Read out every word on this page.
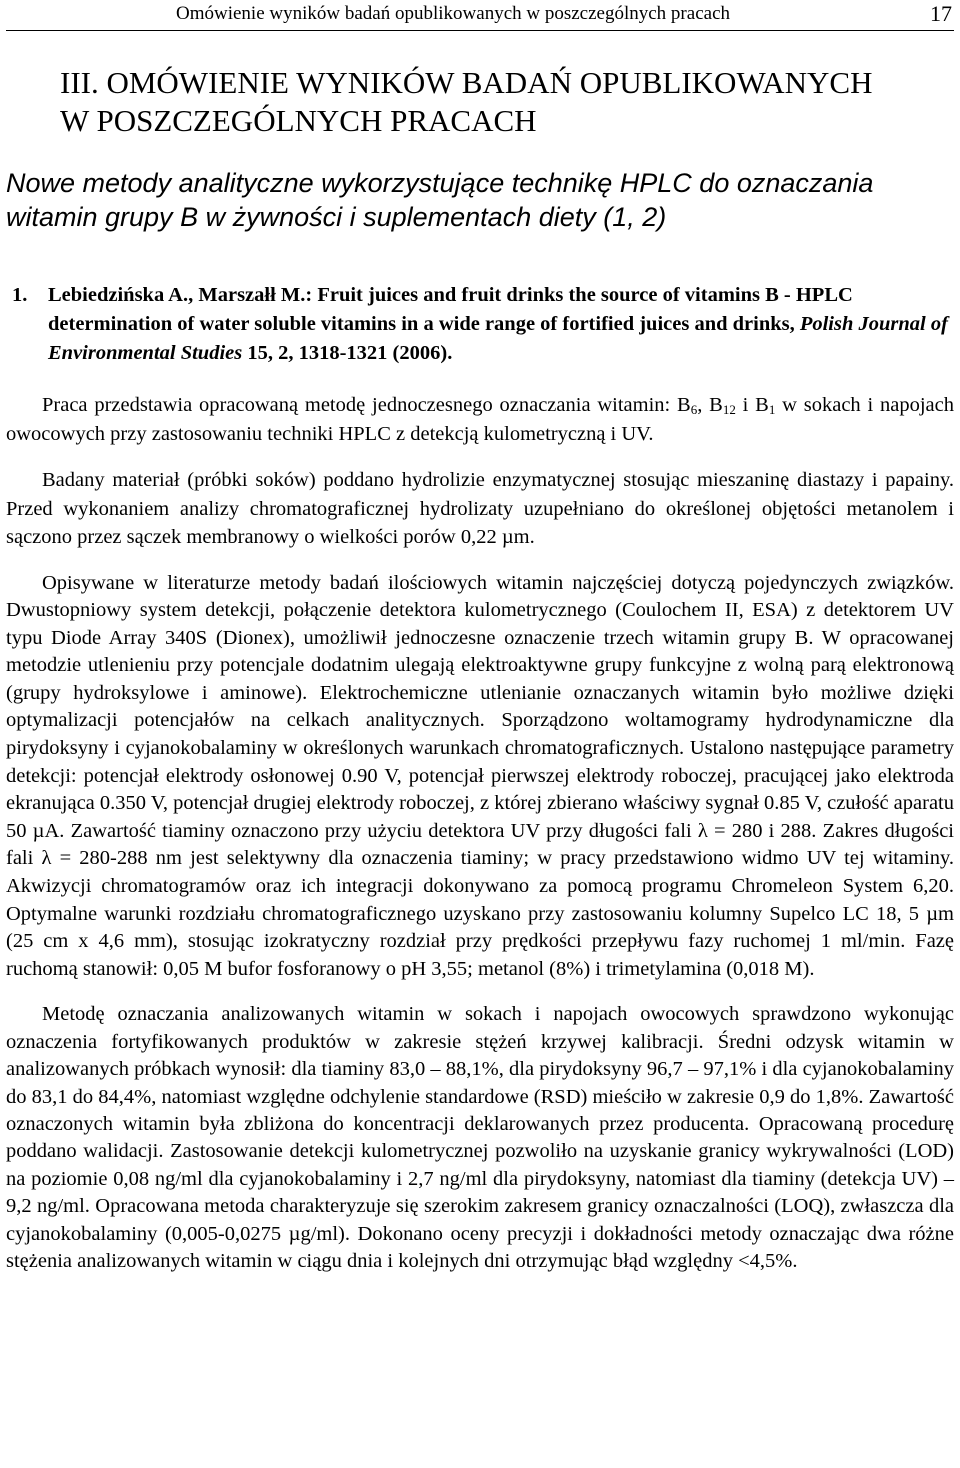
Omówienie wyników badań opublikowanych w poszczególnych pracach	17
III. OMÓWIENIE WYNIKÓW BADAŃ OPUBLIKOWANYCH
W POSZCZEGÓLNYCH PRACACH
Nowe metody analityczne wykorzystujące technikę HPLC do oznaczania witamin grupy B w żywności i suplementach diety (1, 2)
1. Lebiedzińska A., Marszałł M.: Fruit juices and fruit drinks the source of vitamins B - HPLC determination of water soluble vitamins in a wide range of fortified juices and drinks, Polish Journal of Environmental Studies 15, 2, 1318-1321 (2006).

Praca przedstawia opracowaną metodę jednoczesnego oznaczania witamin: $B_6$, $B_{12}$ i $B_1$ w sokach i napojach owocowych przy zastosowaniu techniki HPLC z detekcją kulometryczną i UV.

Badany materiał (próbki soków) poddano hydrolizie enzymatycznej stosując mieszaninę diastazy i papainy. Przed wykonaniem analizy chromatograficznej hydrolizaty uzupełniano do określonej objętości metanolem i sączono przez sączek membranowy o wielkości porów 0,22 µm.

Opisywane w literaturze metody badań ilościowych witamin najczęściej dotyczą pojedynczych związków. Dwustopniowy system detekcji, połączenie detektora kulometrycznego (Coulochem II, ESA) z detektorem UV typu Diode Array 340S (Dionex), umożliwił jednoczesne oznaczenie trzech witamin grupy B. W opracowanej metodzie utlenieniu przy potencjale dodatnim ulegają elektroaktywne grupy funkcyjne z wolną parą elektronową (grupy hydroksylowe i aminowe). Elektrochemiczne utlenianie oznaczanych witamin było możliwe dzięki optymalizacji potencjałów na celkach analitycznych. Sporządzono woltamogramy hydrodynamiczne dla pirydoksyny i cyjanokobalaminy w określonych warunkach chromatograficznych. Ustalono następujące parametry detekcji: potencjał elektrody osłonowej 0.90 V, potencjał pierwszej elektrody roboczej, pracującej jako elektroda ekranująca 0.350 V, potencjał drugiej elektrody roboczej, z której zbierano właściwy sygnał 0.85 V, czułość aparatu 50 µA. Zawartość tiaminy oznaczono przy użyciu detektora UV przy długości fali λ = 280 i 288. Zakres długości fali λ = 280-288 nm jest selektywny dla oznaczenia tiaminy; w pracy przedstawiono widmo UV tej witaminy. Akwizycji chromatogramów oraz ich integracji dokonywano za pomocą programu Chromeleon System 6,20. Optymalne warunki rozdziału chromatograficznego uzyskano przy zastosowaniu kolumny Supelco LC 18, 5 µm (25 cm x 4,6 mm), stosując izokratyczny rozdział przy prędkości przepływu fazy ruchomej 1 ml/min. Fazę ruchomą stanowił: 0,05 M bufor fosforanowy o pH 3,55; metanol (8%) i trimetylamina (0,018 M).

Metodę oznaczania analizowanych witamin w sokach i napojach owocowych sprawdzono wykonując oznaczenia fortyfikowanych produktów w zakresie stężeń krzywej kalibracji. Średni odzysk witamin w analizowanych próbkach wynosił: dla tiaminy 83,0 – 88,1%, dla pirydoksyny 96,7 – 97,1% i dla cyjanokobalaminy do 83,1 do 84,4%, natomiast względne odchylenie standardowe (RSD) mieściło w zakresie 0,9 do 1,8%. Zawartość oznaczonych witamin była zbliżona do koncentracji deklarowanych przez producenta. Opracowaną procedurę poddano walidacji. Zastosowanie detekcji kulometrycznej pozwoliło na uzyskanie granicy wykrywalności (LOD) na poziomie 0,08 ng/ml dla cyjanokobalaminy i 2,7 ng/ml dla pirydoksyny, natomiast dla tiaminy (detekcja UV) – 9,2 ng/ml. Opracowana metoda charakteryzuje się szerokim zakresem granicy oznaczalności (LOQ), zwłaszcza dla cyjanokobalaminy (0,005-0,0275 µg/ml). Dokonano oceny precyzji i dokładności metody oznaczając dwa różne stężenia analizowanych witamin w ciągu dnia i kolejnych dni otrzymując błąd względny <4,5%.
